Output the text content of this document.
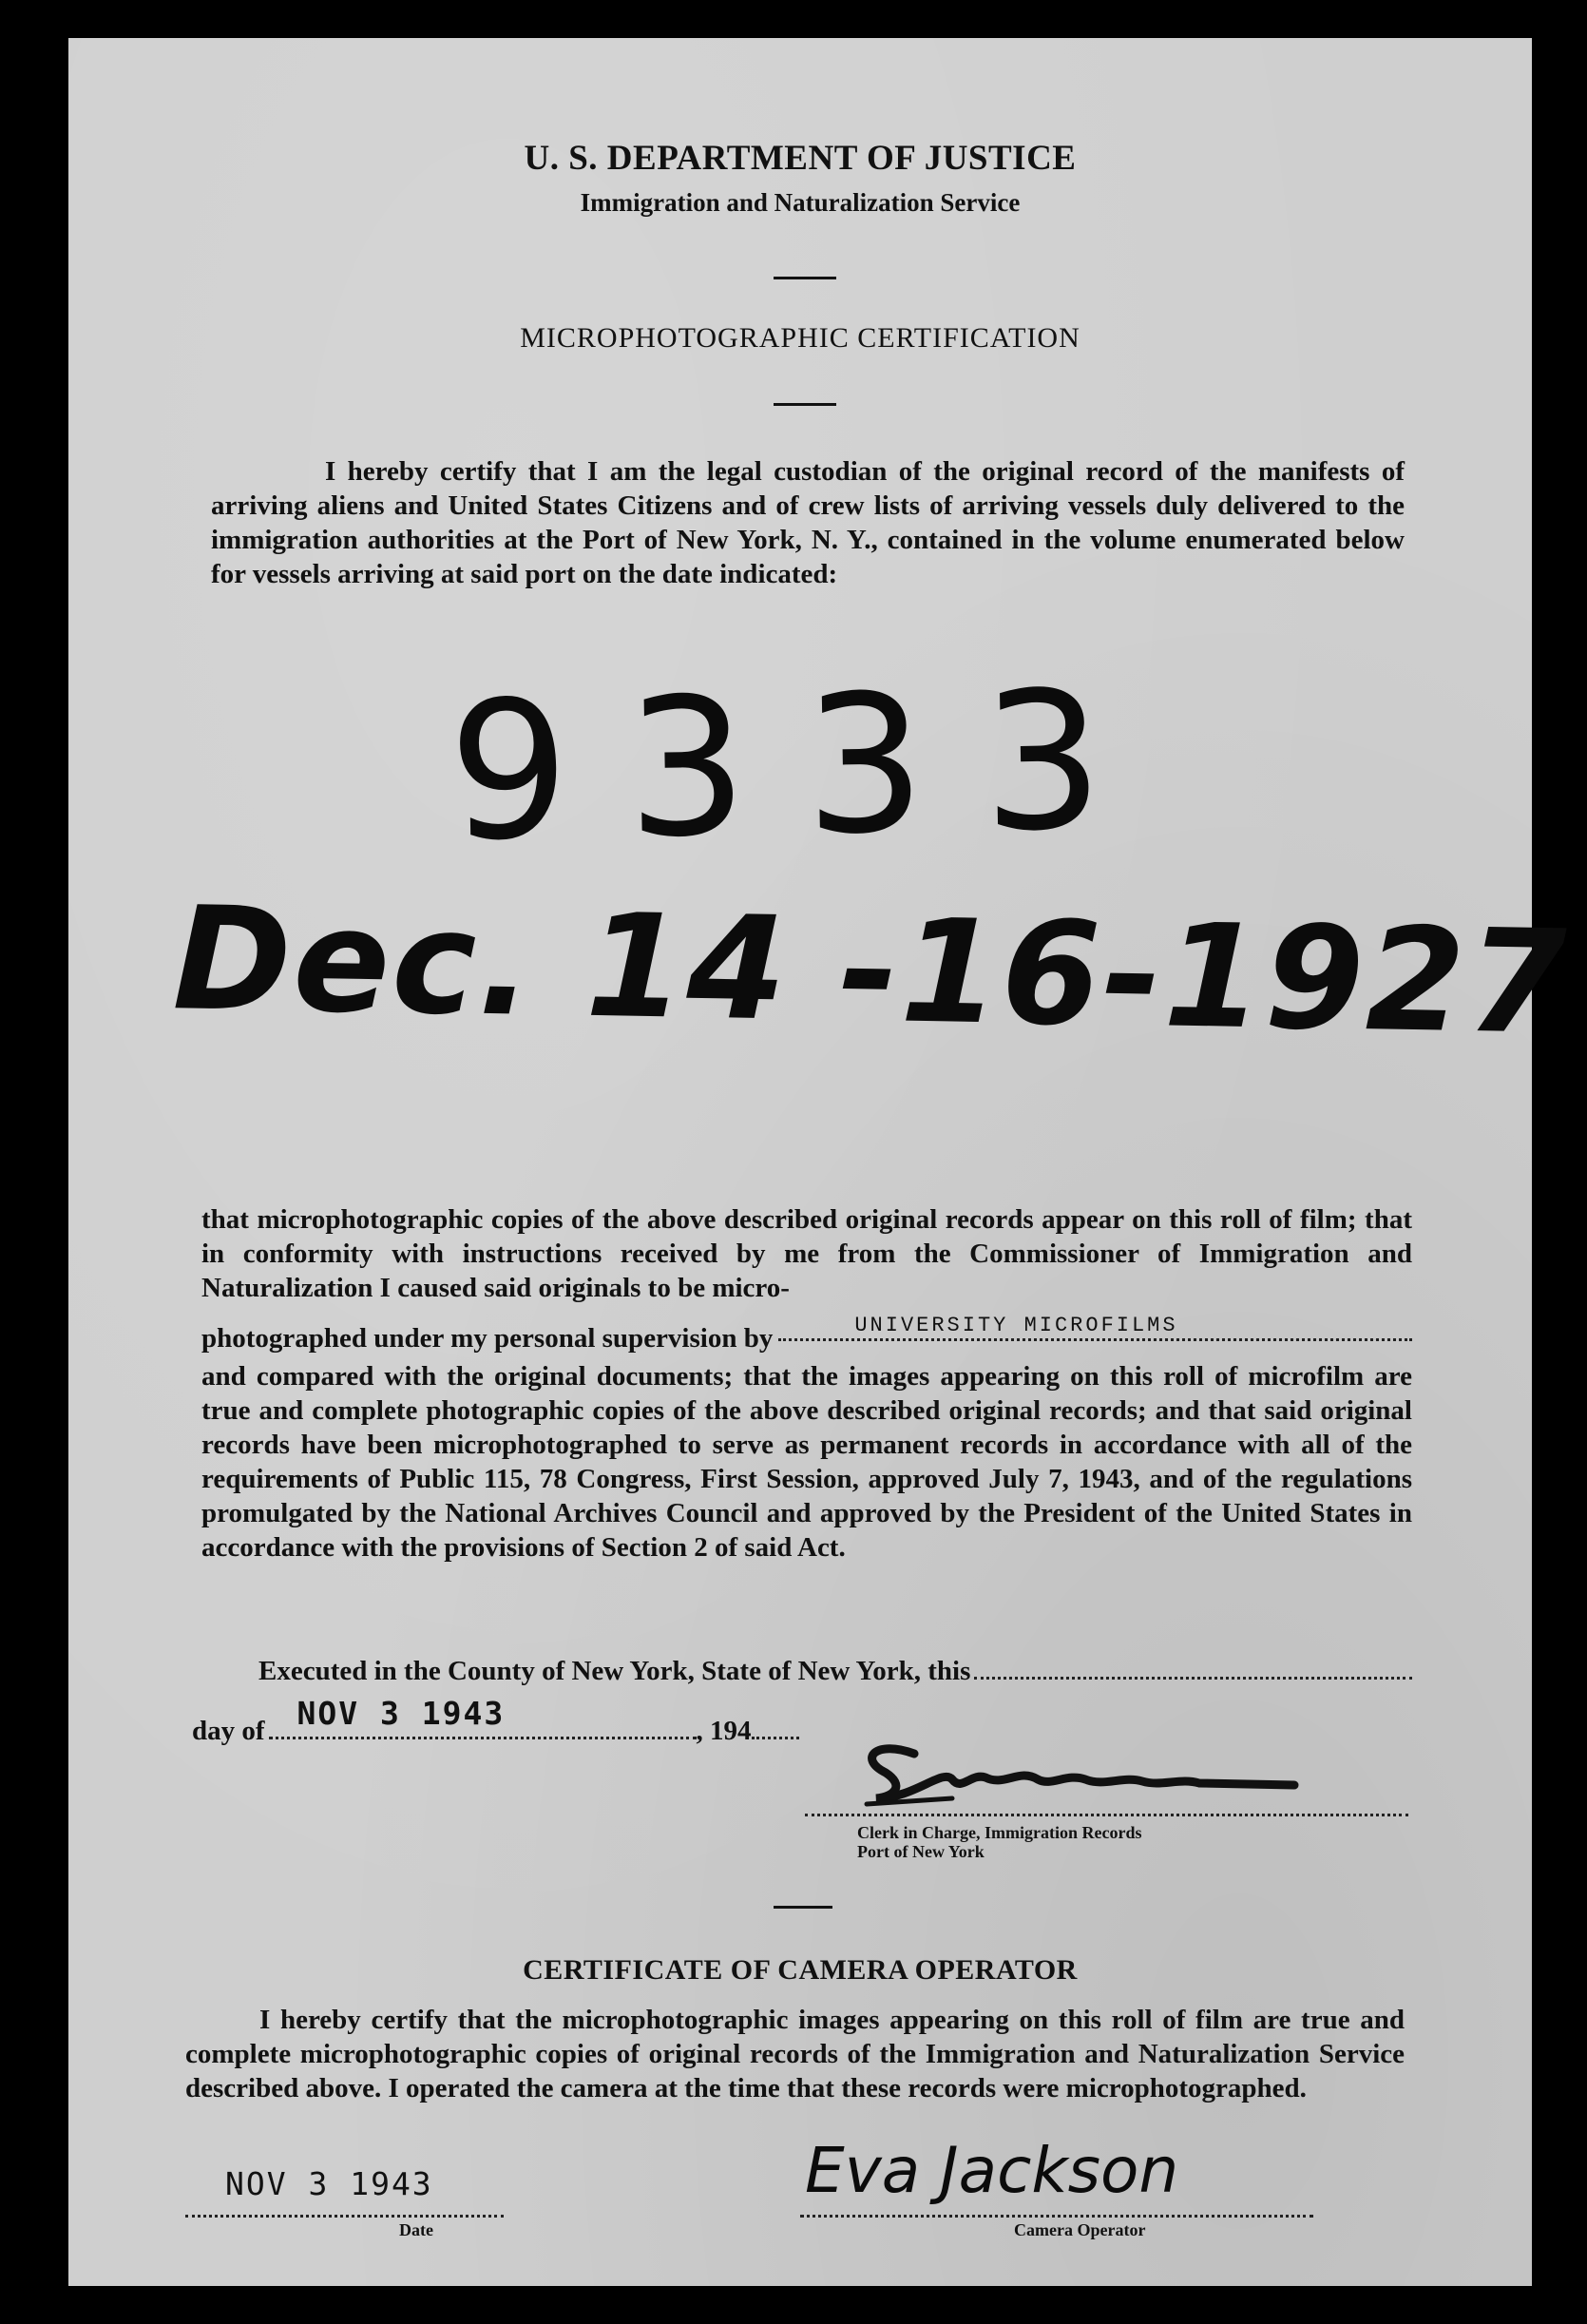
U. S. DEPARTMENT OF JUSTICE
Immigration and Naturalization Service
MICROPHOTOGRAPHIC CERTIFICATION
I hereby certify that I am the legal custodian of the original record of the manifests of arriving aliens and United States Citizens and of crew lists of arriving vessels duly delivered to the immigration authorities at the Port of New York, N. Y., contained in the volume enumerated below for vessels arriving at said port on the date indicated:
9333
Dec. 14 -16-1927
that microphotographic copies of the above described original records appear on this roll of film; that in conformity with instructions received by me from the Commissioner of Immigration and Naturalization I caused said originals to be micro-
photographed under my personal supervision by	UNIVERSITY MICROFILMS
and compared with the original documents; that the images appearing on this roll of microfilm are true and complete photographic copies of the above described original records; and that said original records have been microphotographed to serve as permanent records in accordance with all of the requirements of Public 115, 78 Congress, First Session, approved July 7, 1943, and of the regulations promulgated by the National Archives Council and approved by the President of the United States in accordance with the provisions of Section 2 of said Act.
Executed in the County of New York, State of New York, this
day of NOV 3 1943	, 194
Clerk in Charge, Immigration Records
Port of New York
CERTIFICATE OF CAMERA OPERATOR
I hereby certify that the microphotographic images appearing on this roll of film are true and complete microphotographic copies of original records of the Immigration and Naturalization Service described above. I operated the camera at the time that these records were microphotographed.
NOV 3 1943
Date
Eva Jackson
Camera Operator
